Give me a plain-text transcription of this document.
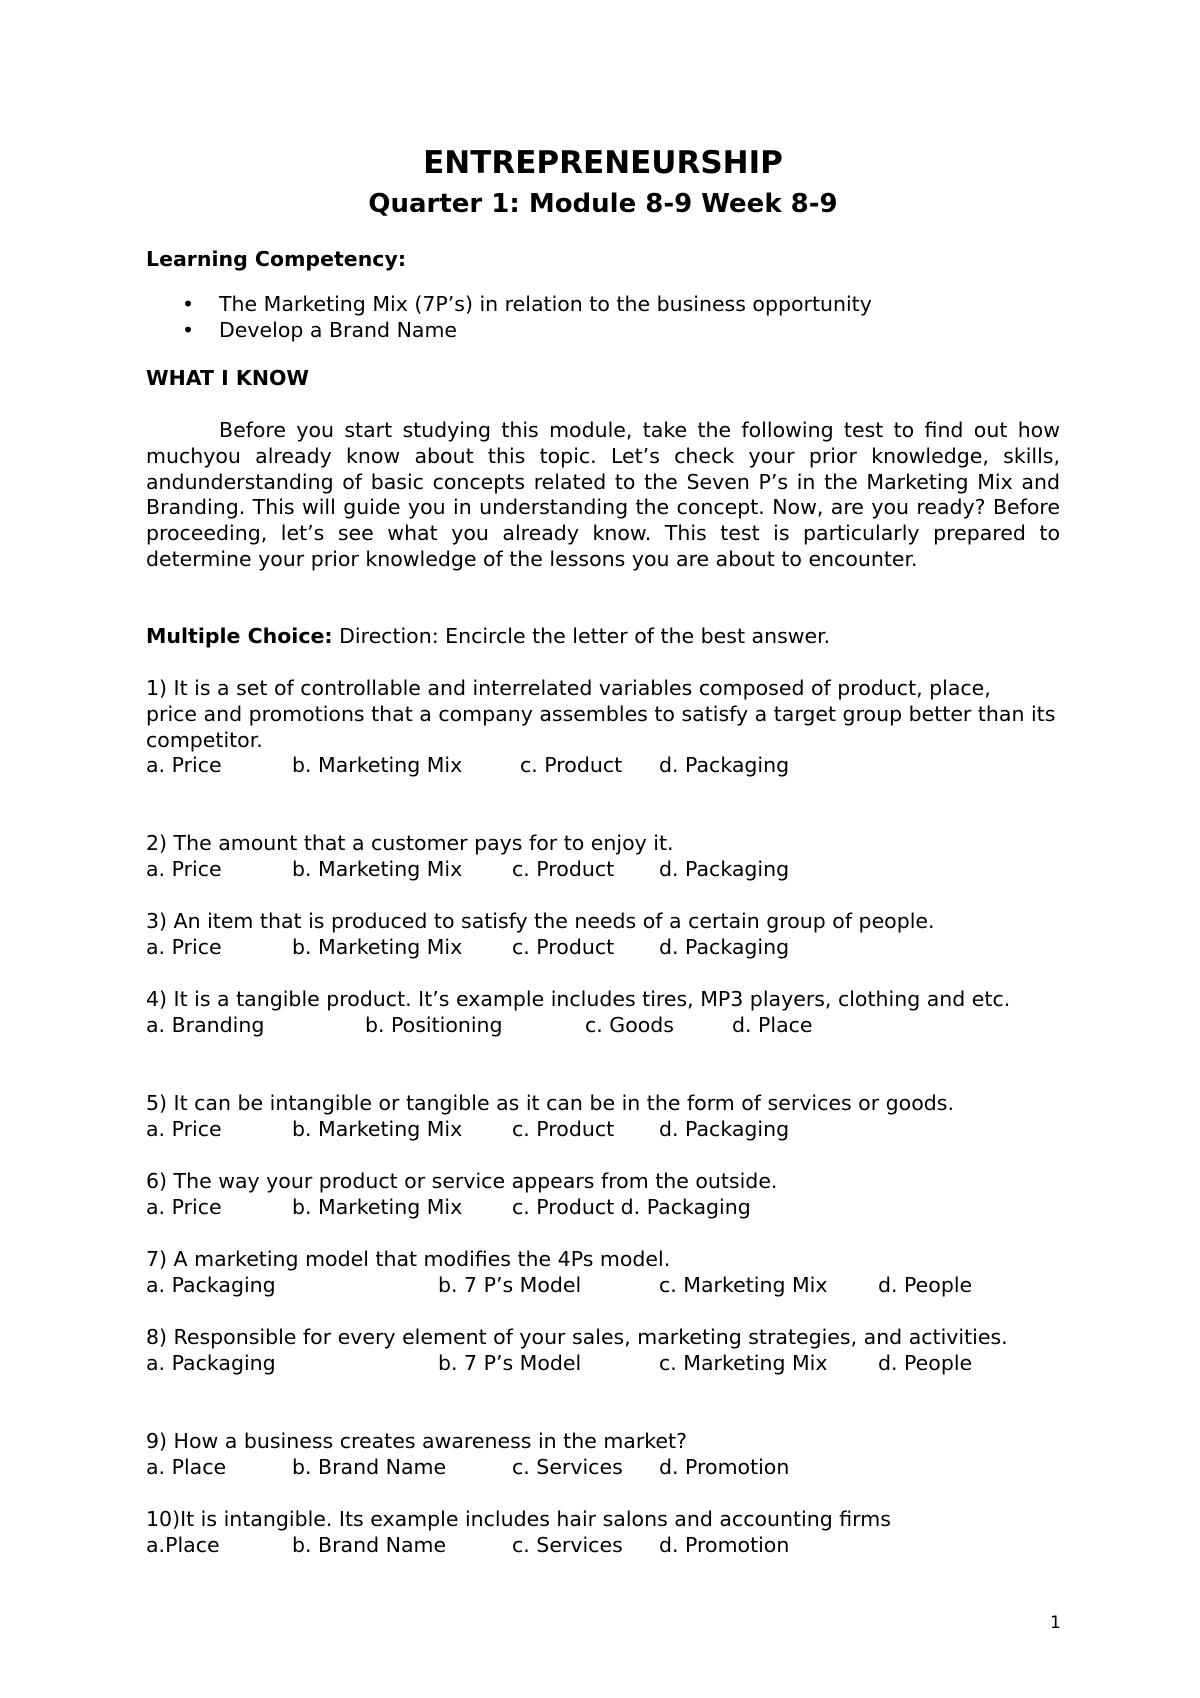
ENTREPRENEURSHIP
Quarter 1: Module 8-9 Week 8-9
Learning Competency:
• The Marketing Mix (7P’s) in relation to the business opportunity
• Develop a Brand Name
WHAT I KNOW

Before you start studying this module, take the following test to find out how muchyou already know about this topic. Let’s check your prior knowledge, skills, andunderstanding of basic concepts related to the Seven P’s in the Marketing Mix and Branding. This will guide you in understanding the concept. Now, are you ready? Before proceeding, let’s see what you already know. This test is particularly prepared to determine your prior knowledge of the lessons you are about to encounter.

Multiple Choice: Direction: Encircle the letter of the best answer.

1) It is a set of controllable and interrelated variables composed of product, place,

price and promotions that a company assembles to satisfy a target group better than its competitor.

a. Price	b. Marketing Mix	c. Product d. Packaging

2) The amount that a customer pays for to enjoy it.

a. Price	b. Marketing Mix c. Product d. Packaging

3) An item that is produced to satisfy the needs of a certain group of people.

a. Price	b. Marketing Mix c. Product d. Packaging

4) It is a tangible product. It’s example includes tires, MP3 players, clothing and etc.

a. Branding	b. Positioning	c. Goods	d. Place

5) It can be intangible or tangible as it can be in the form of services or goods.

a. Price	b. Marketing Mix c. Product d. Packaging

6) The way your product or service appears from the outside.

a. Price	b. Marketing Mix c. Product d. Packaging

7) A marketing model that modifies the 4Ps model.

a. Packaging	b. 7 P’s Model	c. Marketing Mix d. People

8) Responsible for every element of your sales, marketing strategies, and activities.

a. Packaging	b. 7 P’s Model	c. Marketing Mix d. People

9) How a business creates awareness in the market?

a. Place	b. Brand Name	c. Services d. Promotion

10)It is intangible. Its example includes hair salons and accounting firms

a.Place	b. Brand Name	c. Services d. Promotion
1
